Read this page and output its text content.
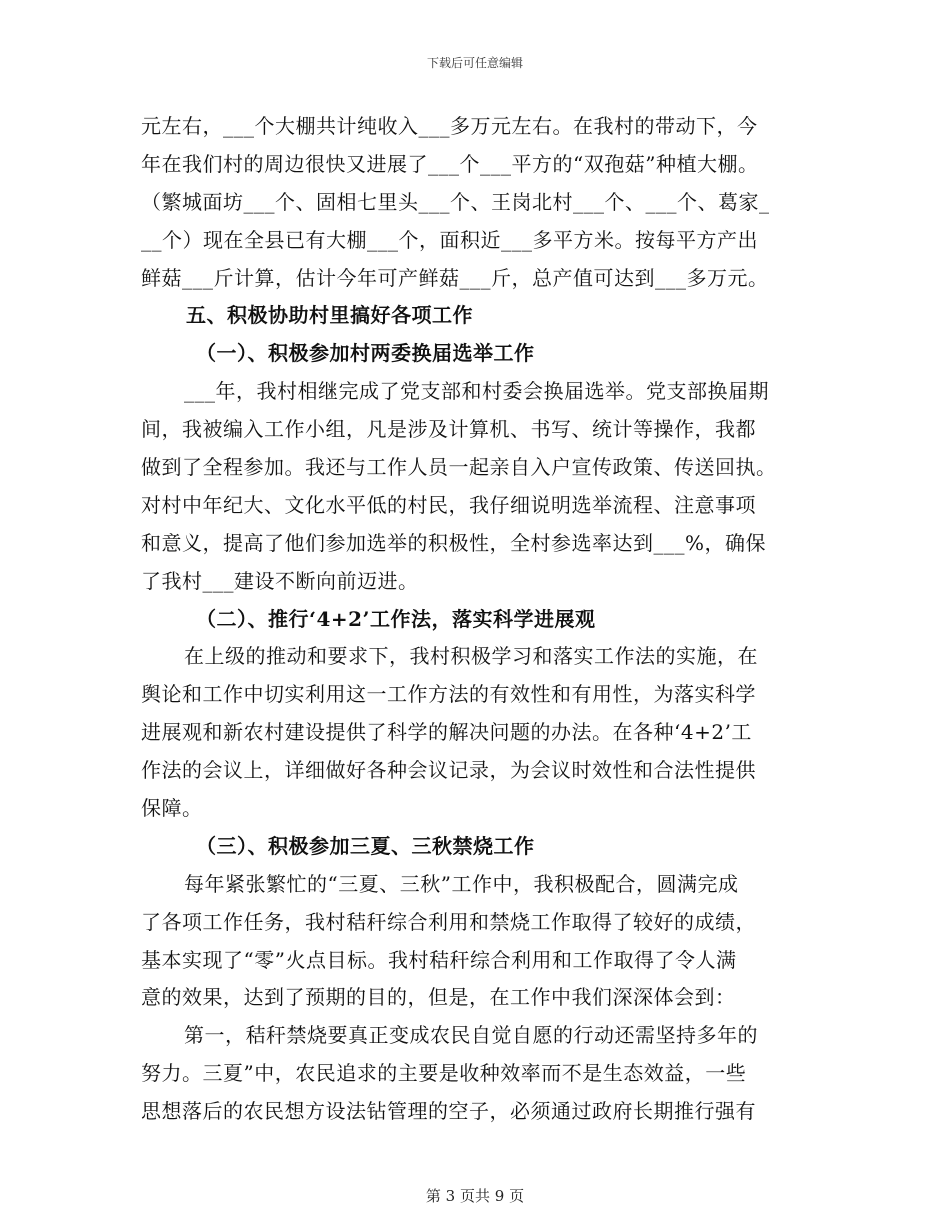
下载后可任意编辑
元左右，___个大棚共计纯收入___多万元左右。在我村的带动下，今
年在我们村的周边很快又进展了___个___平方的“双孢菇”种植大棚。
（繁城面坊___个、固相七里头___个、王岗北村___个、___个、葛家_
__个）现在全县已有大棚___个，面积近___多平方米。按每平方产出
鲜菇___斤计算，估计今年可产鲜菇___斤，总产值可达到___多万元。
五、积极协助村里搞好各项工作
（一）、积极参加村两委换届选举工作
___年，我村相继完成了党支部和村委会换届选举。党支部换届期
间，我被编入工作小组，凡是涉及计算机、书写、统计等操作，我都
做到了全程参加。我还与工作人员一起亲自入户宣传政策、传送回执。
对村中年纪大、文化水平低的村民，我仔细说明选举流程、注意事项
和意义，提高了他们参加选举的积极性，全村参选率达到___%，确保
了我村___建设不断向前迈进。
（二）、推行‘4+2’工作法，落实科学进展观
在上级的推动和要求下，我村积极学习和落实工作法的实施，在
舆论和工作中切实利用这一工作方法的有效性和有用性，为落实科学
进展观和新农村建设提供了科学的解决问题的办法。在各种‘4+2’工
作法的会议上，详细做好各种会议记录，为会议时效性和合法性提供
保障。
（三）、积极参加三夏、三秋禁烧工作
每年紧张繁忙的“三夏、三秋”工作中，我积极配合，圆满完成
了各项工作任务，我村秸秆综合利用和禁烧工作取得了较好的成绩，
基本实现了“零”火点目标。我村秸秆综合利用和工作取得了令人满
意的效果，达到了预期的目的，但是，在工作中我们深深体会到：
第一，秸秆禁烧要真正变成农民自觉自愿的行动还需坚持多年的
努力。三夏”中，农民追求的主要是收种效率而不是生态效益，一些
思想落后的农民想方设法钻管理的空子，必须通过政府长期推行强有
第 3 页共 9 页
